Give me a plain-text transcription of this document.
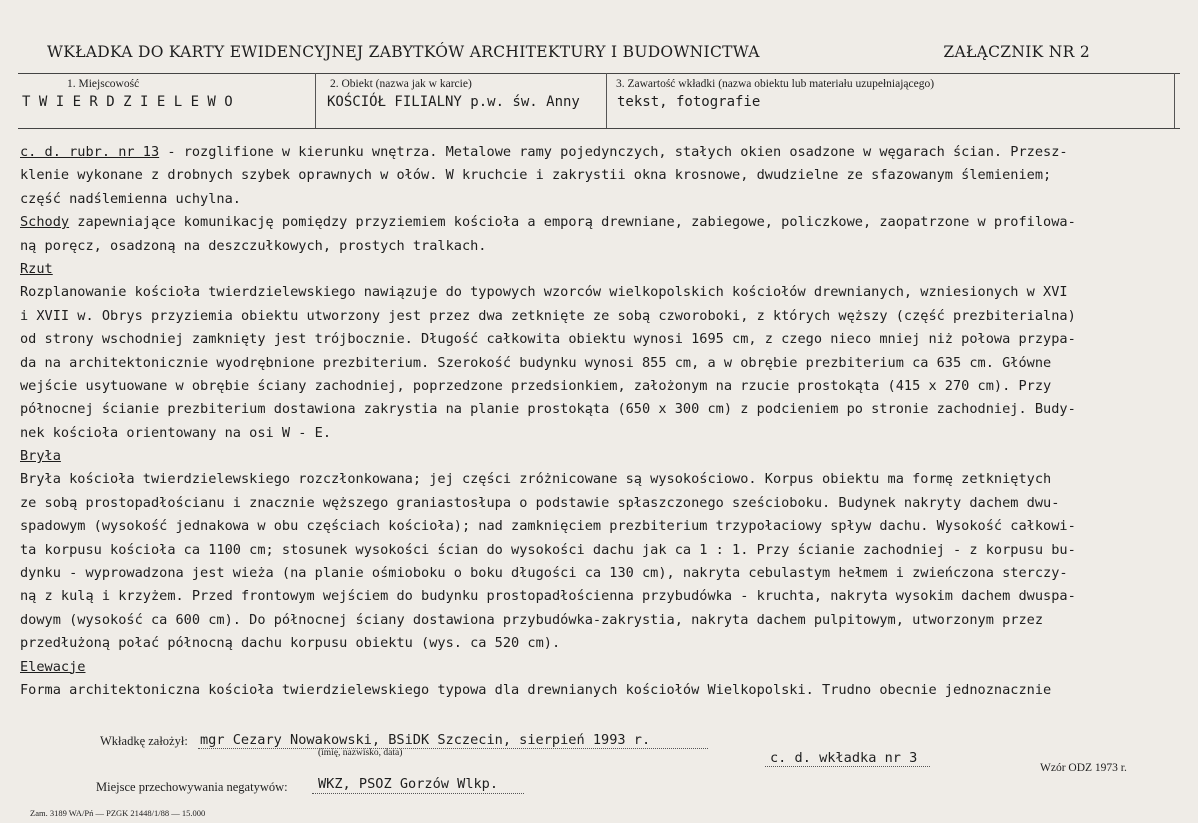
WKŁADKA DO KARTY EWIDENCYJNEJ ZABYTKÓW ARCHITEKTURY I BUDOWNICTWA	ZAŁĄCZNIK NR 2
1. Miejscowość
T W I E R D Z I E L E W O
2. Obiekt (nazwa jak w karcie)
KOŚCIÓŁ FILIALNY p.w. św. Anny
3. Zawartość wkładki (nazwa obiektu lub materiału uzupełniającego)
tekst, fotografie
c. d. rubr. nr 13 - rozglifione w kierunku wnętrza. Metalowe ramy pojedynczych, stałych okien osadzone w węgarach ścian. Przesz-
klenie wykonane z drobnych szybek oprawnych w ołów. W kruchcie i zakrystii okna krosnowe, dwudzielne ze sfazowanym ślemieniem;
część nadślemienna uchylna.
Schody zapewniające komunikację pomiędzy przyziemiem kościoła a emporą drewniane, zabiegowe, policzkowe, zaopatrzone w profilowa-
ną poręcz, osadzoną na deszczułkowych, prostych tralkach.
Rzut
Rozplanowanie kościoła twierdzielewskiego nawiązuje do typowych wzorców wielkopolskich kościołów drewnianych, wzniesionych w XVI
i XVII w. Obrys przyziemia obiektu utworzony jest przez dwa zetknięte ze sobą czworoboki, z których węższy (część prezbiterialna)
od strony wschodniej zamknięty jest trójbocznie. Długość całkowita obiektu wynosi 1695 cm, z czego nieco mniej niż połowa przypa-
da na architektonicznie wyodrębnione prezbiterium. Szerokość budynku wynosi 855 cm, a w obrębie prezbiterium ca 635 cm. Główne
wejście usytuowane w obrębie ściany zachodniej, poprzedzone przedsionkiem, założonym na rzucie prostokąta (415 x 270 cm). Przy
północnej ścianie prezbiterium dostawiona zakrystia na planie prostokąta (650 x 300 cm) z podcieniem po stronie zachodniej. Budy-
nek kościoła orientowany na osi W - E.
Bryła
Bryła kościoła twierdzielewskiego rozczłonkowana; jej części zróżnicowane są wysokościowo. Korpus obiektu ma formę zetkniętych
ze sobą prostopadłościanu i znacznie węższego graniastosłupa o podstawie spłaszczonego sześcioboku. Budynek nakryty dachem dwu-
spadowym (wysokość jednakowa w obu częściach kościoła); nad zamknięciem prezbiterium trzypołaciowy spływ dachu. Wysokość całkowi-
ta korpusu kościoła ca 1100 cm; stosunek wysokości ścian do wysokości dachu jak ca 1 : 1. Przy ścianie zachodniej - z korpusu bu-
dynku - wyprowadzona jest wieża (na planie ośmioboku o boku długości ca 130 cm), nakryta cebulastym hełmem i zwieńczona sterczy-
ną z kulą i krzyżem. Przed frontowym wejściem do budynku prostopadłościenna przybudówka - kruchta, nakryta wysokim dachem dwuspa-
dowym (wysokość ca 600 cm). Do północnej ściany dostawiona przybudówka-zakrystia, nakryta dachem pulpitowym, utworzonym przez
przedłużoną połać północną dachu korpusu obiektu (wys. ca 520 cm).
Elewacje
Forma architektoniczna kościoła twierdzielewskiego typowa dla drewnianych kościołów Wielkopolski. Trudno obecnie jednoznacznie
Wkładkę założył: mgr Cezary Nowakowski, BSiDK Szczecin, sierpień 1993 r.
(imię, nazwisko, data)	c. d. wkładka nr 3
Wzór ODZ 1973 r.
Miejsce przechowywania negatywów: WKZ, PSOZ Gorzów Wlkp.
Zam. 3189 WA/Pń — PZGK 21448/1/88 — 15.000
